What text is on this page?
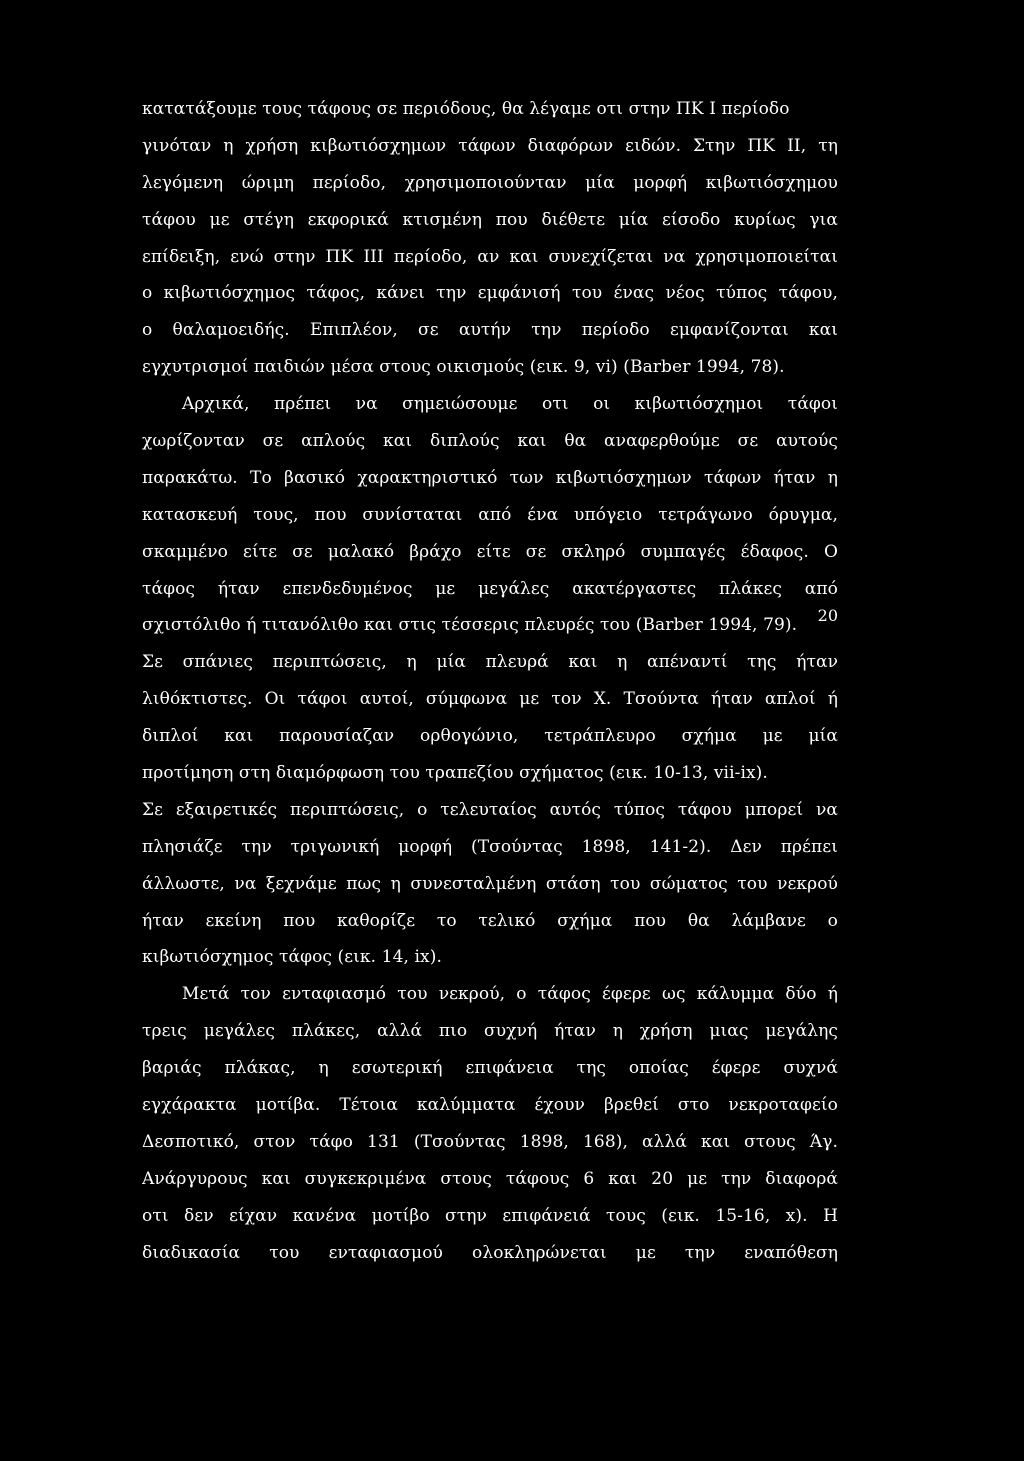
κατατάξουμε τους τάφους σε περιόδους, θα λέγαμε οτι στην ΠΚ I περίοδο
γινόταν η χρήση κιβωτιόσχημων τάφων διαφόρων ειδών. Στην ΠΚ II, τη
λεγόμενη ώριμη περίοδο, χρησιμοποιούνταν μία μορφή κιβωτιόσχημου
τάφου με στέγη εκφορικά κτισμένη που διέθετε μία είσοδο κυρίως για
επίδειξη, ενώ στην ΠΚ III περίοδο, αν και συνεχίζεται να χρησιμοποιείται
ο κιβωτιόσχημος τάφος, κάνει την εμφάνισή του ένας νέος τύπος τάφου,
ο θαλαμοειδής. Επιπλέον, σε αυτήν την περίοδο εμφανίζονται και
εγχυτρισμοί παιδιών μέσα στους οικισμούς (εικ. 9, vi) (Barber 1994, 78).
Αρχικά, πρέπει να σημειώσουμε οτι οι κιβωτιόσχημοι τάφοι
χωρίζονταν σε απλούς και διπλούς και θα αναφερθούμε σε αυτούς
παρακάτω. Το βασικό χαρακτηριστικό των κιβωτιόσχημων τάφων ήταν η
κατασκευή τους, που συνίσταται από ένα υπόγειο τετράγωνο όρυγμα,
σκαμμένο είτε σε μαλακό βράχο είτε σε σκληρό συμπαγές έδαφος. Ο
τάφος ήταν επενδεδυμένος με μεγάλες ακατέργαστες πλάκες από
σχιστόλιθο ή τιτανόλιθο και στις τέσσερις πλευρές του (Barber 1994, 79).
Σε σπάνιες περιπτώσεις, η μία πλευρά και η απέναντί της ήταν
λιθόκτιστες. Οι τάφοι αυτοί, σύμφωνα με τον X. Τσούντα ήταν απλοί ή
διπλοί και παρουσίαζαν ορθογώνιο, τετράπλευρο σχήμα με μία
προτίμηση στη διαμόρφωση του τραπεζίου σχήματος (εικ. 10-13, vii-ix).
Σε εξαιρετικές περιπτώσεις, ο τελευταίος αυτός τύπος τάφου μπορεί να
πλησιάζε την τριγωνική μορφή (Τσούντας 1898, 141-2). Δεν πρέπει
άλλωστε, να ξεχνάμε πως η συνεσταλμένη στάση του σώματος του νεκρού
ήταν εκείνη που καθορίζε το τελικό σχήμα που θα λάμβανε ο
κιβωτιόσχημος τάφος (εικ. 14, ix).
Μετά τον ενταφιασμό του νεκρού, ο τάφος έφερε ως κάλυμμα δύο ή
τρεις μεγάλες πλάκες, αλλά πιο συχνή ήταν η χρήση μιας μεγάλης
βαριάς πλάκας, η εσωτερική επιφάνεια της οποίας έφερε συχνά
εγχάρακτα μοτίβα. Τέτοια καλύμματα έχουν βρεθεί στο νεκροταφείο
Δεσποτικό, στον τάφο 131 (Τσούντας 1898, 168), αλλά και στους Άγ.
Ανάργυρους και συγκεκριμένα στους τάφους 6 και 20 με την διαφορά
οτι δεν είχαν κανένα μοτίβο στην επιφάνειά τους (εικ. 15-16, x). Η
διαδικασία του ενταφιασμού ολοκληρώνεται με την εναπόθεση
20
